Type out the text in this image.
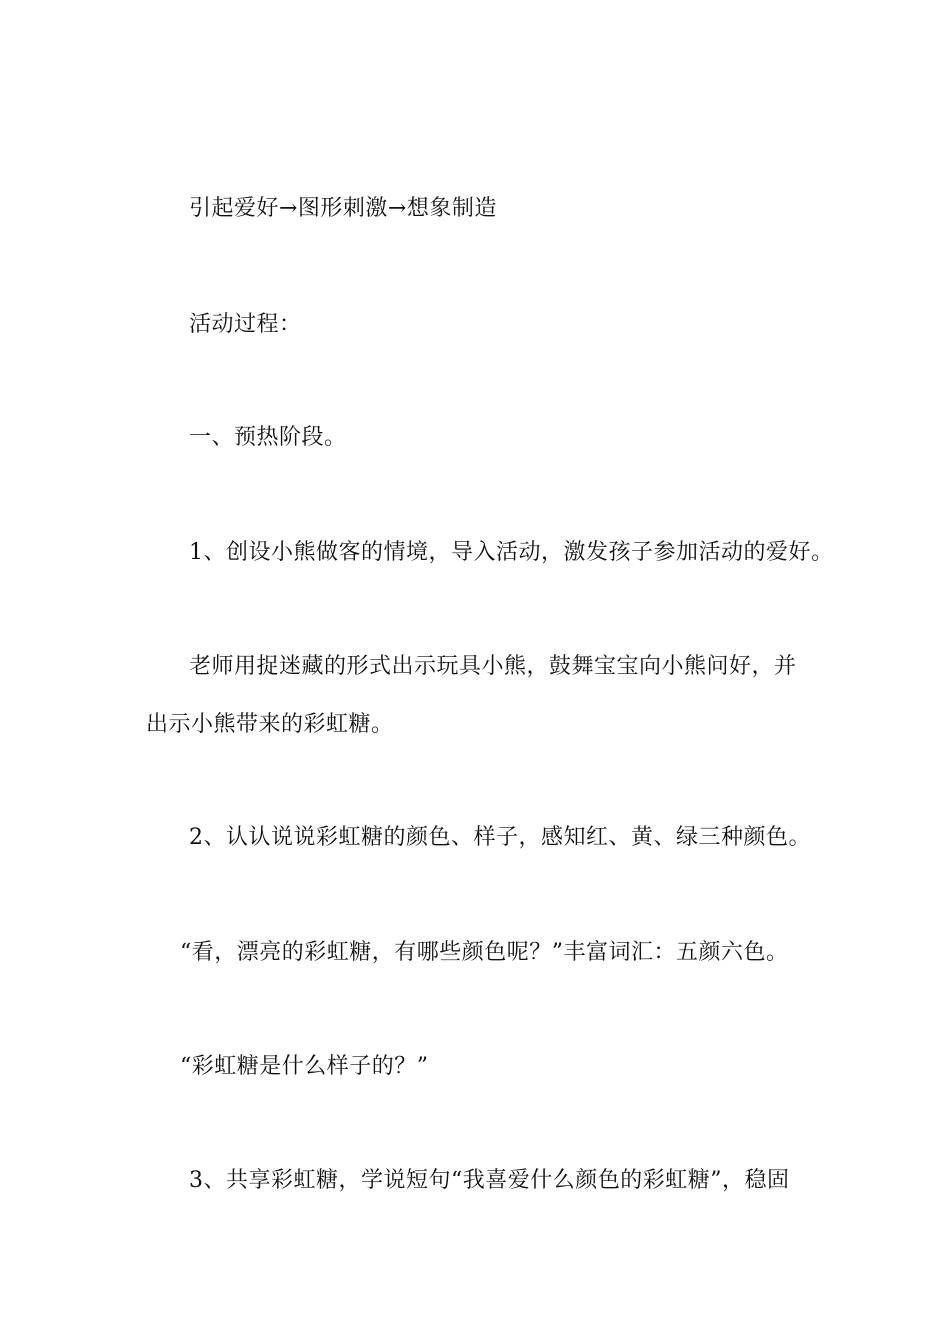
引起爱好→图形刺激→想象制造
活动过程：
一、预热阶段。
1、创设小熊做客的情境，导入活动，激发孩子参加活动的爱好。
老师用捉迷藏的形式出示玩具小熊，鼓舞宝宝向小熊问好，并
出示小熊带来的彩虹糖。
2、认认说说彩虹糖的颜色、样子，感知红、黄、绿三种颜色。
“看，漂亮的彩虹糖，有哪些颜色呢？”丰富词汇：五颜六色。
“彩虹糖是什么样子的？”
3、共享彩虹糖，学说短句“我喜爱什么颜色的彩虹糖”，稳固
